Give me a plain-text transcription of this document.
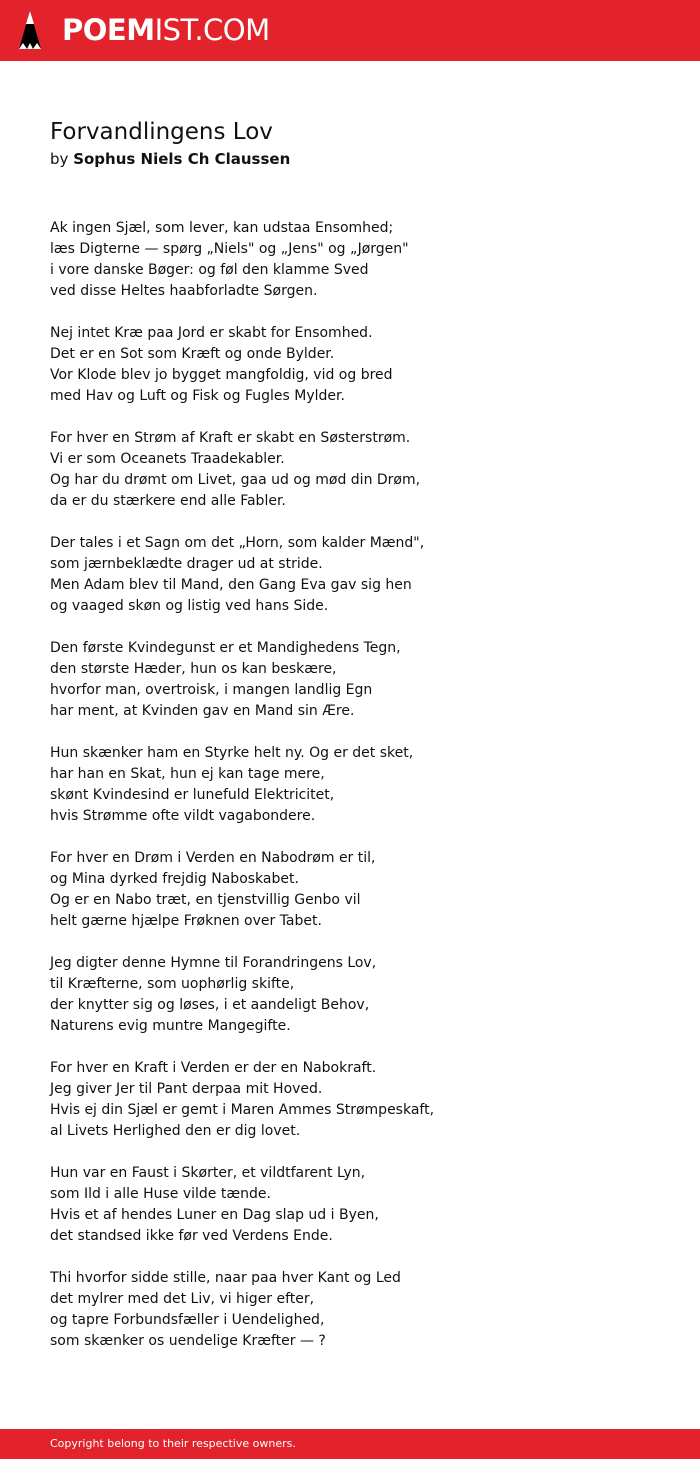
POEMIST.COM
Forvandlingens Lov
by Sophus Niels Ch Claussen
Ak ingen Sjæl, som lever, kan udstaa Ensomhed;
læs Digterne — spørg „Niels" og „Jens" og „Jørgen"
i vore danske Bøger: og føl den klamme Sved
ved disse Heltes haabforladte Sørgen.
Nej intet Kræ paa Jord er skabt for Ensomhed.
Det er en Sot som Kræft og onde Bylder.
Vor Klode blev jo bygget mangfoldig, vid og bred
med Hav og Luft og Fisk og Fugles Mylder.
For hver en Strøm af Kraft er skabt en Søsterstrøm.
Vi er som Oceanets Traadekabler.
Og har du drømt om Livet, gaa ud og mød din Drøm,
da er du stærkere end alle Fabler.
Der tales i et Sagn om det „Horn, som kalder Mænd",
som jærnbeklædte drager ud at stride.
Men Adam blev til Mand, den Gang Eva gav sig hen
og vaaged skøn og listig ved hans Side.
Den første Kvindegunst er et Mandighedens Tegn,
den største Hæder, hun os kan beskære,
hvorfor man, overtroisk, i mangen landlig Egn
har ment, at Kvinden gav en Mand sin Ære.
Hun skænker ham en Styrke helt ny. Og er det sket,
har han en Skat, hun ej kan tage mere,
skønt Kvindesind er lunefuld Elektricitet,
hvis Strømme ofte vildt vagabondere.
For hver en Drøm i Verden en Nabodrøm er til,
og Mina dyrked frejdig Naboskabet.
Og er en Nabo træt, en tjenstvillig Genbo vil
helt gærne hjælpe Frøknen over Tabet.
Jeg digter denne Hymne til Forandringens Lov,
til Kræfterne, som uophørlig skifte,
der knytter sig og løses, i et aandeligt Behov,
Naturens evig muntre Mangegifte.
For hver en Kraft i Verden er der en Nabokraft.
Jeg giver Jer til Pant derpaa mit Hoved.
Hvis ej din Sjæl er gemt i Maren Ammes Strømpeskaft,
al Livets Herlighed den er dig lovet.
Hun var en Faust i Skørter, et vildtfarent Lyn,
som Ild i alle Huse vilde tænde.
Hvis et af hendes Luner en Dag slap ud i Byen,
det standsed ikke før ved Verdens Ende.
Thi hvorfor sidde stille, naar paa hver Kant og Led
det mylrer med det Liv, vi higer efter,
og tapre Forbundsfæller i Uendelighed,
som skænker os uendelige Kræfter — ?
Copyright belong to their respective owners.
